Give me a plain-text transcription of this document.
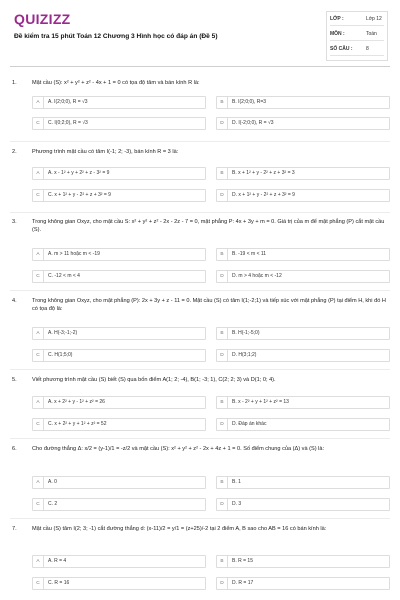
QUIZIZZ
Đề kiểm tra 15 phút Toán 12 Chương 3 Hình học có đáp án (Đề 5)
LỚP :	Lớp 12
MÔN :	Toán
SỐ CÂU :	8
1.	Mặt cầu (S): x² + y² + z² - 4x + 1 = 0 có tọa độ tâm và bán kính R là:
A	A. I(2;0;0), R = √3	B	B. I(2;0;0), R=3
C	C. I(0;2;0), R = √3	D	D. I(-2;0;0), R = √3
2.	Phương trình mặt cầu có tâm I(-1; 2; -3), bán kính R = 3 là:
A	A. x - 1² + y + 2² + z - 3² = 9	B	B. x + 1² + y - 2² + z + 3² = 3
C	C. x + 1² + y - 2² + z + 3² = 9	D	D. x + 1² + y - 2² + z + 3² = 9
3.	Trong không gian Oxyz, cho mặt cầu S: x² + y² + z² - 2x - 2z - 7 = 0, mặt phẳng P: 4x + 3y + m = 0. Giá trị của m để mặt phẳng (P) cắt mặt cầu (S).
A	A. m > 11 hoặc m < -19	B	B. -19 < m < 11
C	C. -12 < m < 4	D	D. m > 4 hoặc m < -12
4.	Trong không gian Oxyz, cho mặt phẳng (P): 2x + 3y + z - 11 = 0. Mặt cầu (S) có tâm I(1;-2;1) và tiếp xúc với mặt phẳng (P) tại điểm H, khi đó H có tọa độ là:
A	A. H(-3;-1;-2)	B	B. H(-1;-5;0)
C	C. H(1;5;0)	D	D. H(3;1;2)
5.	Viết phương trình mặt cầu (S) biết (S) qua bốn điểm A(1; 2; -4), B(1; -3; 1), C(2; 2; 3) và D(1; 0; 4).
A	A. x + 2² + y - 1² + z² = 26	B	B. x - 2² + y + 1² + z² = 13
C	C. x + 2² + y + 1² + z² = 52	D	D. Đáp án khác
6.	Cho đường thẳng Δ: x/2 = (y-1)/1 = -z/2 và mặt cầu (S): x² + y² + z² - 2x + 4z + 1 = 0. Số điểm chung của (Δ) và (S) là:
A	A. 0	B	B. 1
C	C. 2	D	D. 3
7.	Mặt cầu (S) tâm I(2; 3; -1) cắt đường thẳng d: (x-11)/2 = y/1 = (z+25)/-2 tại 2 điểm A, B sao cho AB = 16 có bán kính là:
A	A. R = 4	B	B. R = 15
C	C. R = 16	D	D. R = 17
